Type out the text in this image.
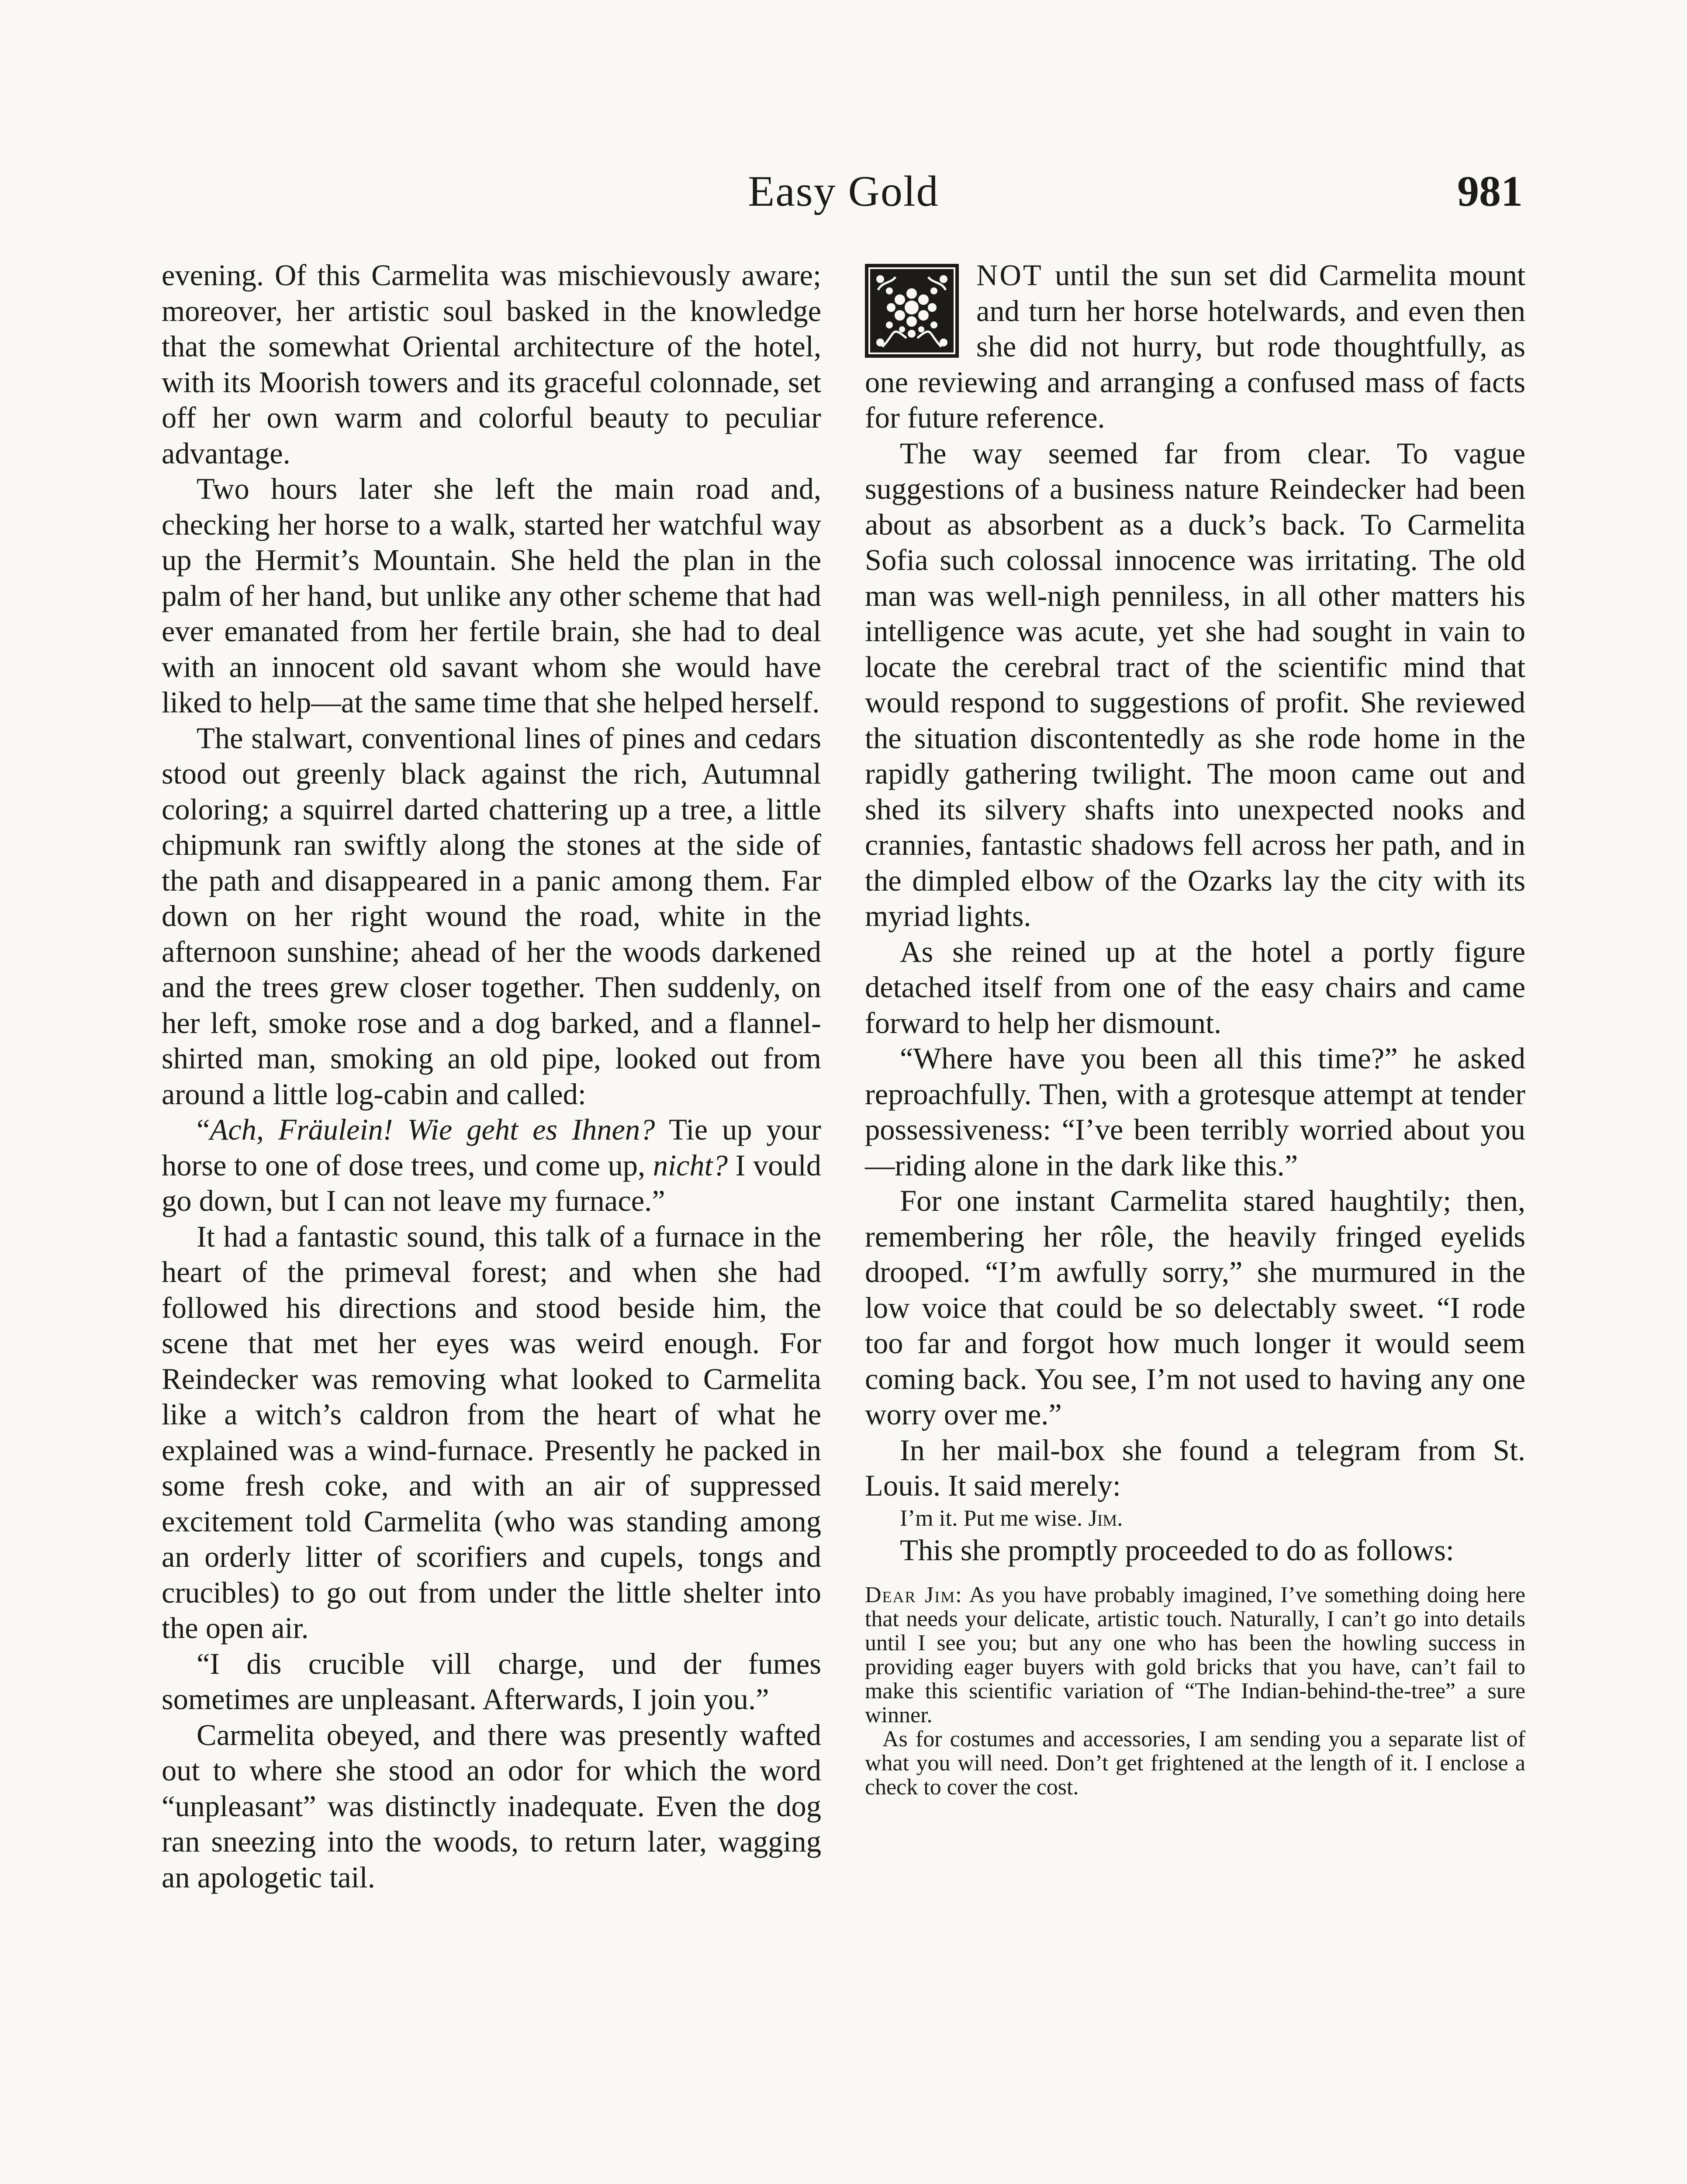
Easy Gold	981

evening. Of this Carmelita was mischievously aware; moreover, her artistic soul basked in the knowledge that the somewhat Oriental architecture of the hotel, with its Moorish towers and its graceful colonnade, set off her own warm and colorful beauty to peculiar advantage.

Two hours later she left the main road and, checking her horse to a walk, started her watchful way up the Hermit’s Mountain. She held the plan in the palm of her hand, but unlike any other scheme that had ever emanated from her fertile brain, she had to deal with an innocent old savant whom she would have liked to help—at the same time that she helped herself.

The stalwart, conventional lines of pines and cedars stood out greenly black against the rich, Autumnal coloring; a squirrel darted chattering up a tree, a little chipmunk ran swiftly along the stones at the side of the path and disappeared in a panic among them. Far down on her right wound the road, white in the afternoon sunshine; ahead of her the woods darkened and the trees grew closer together. Then suddenly, on her left, smoke rose and a dog barked, and a flannel-shirted man, smoking an old pipe, looked out from around a little log-cabin and called:

“Ach, Fräulein! Wie geht es Ihnen? Tie up your horse to one of dose trees, und come up, nicht? I vould go down, but I can not leave my furnace.”

It had a fantastic sound, this talk of a furnace in the heart of the primeval forest; and when she had followed his directions and stood beside him, the scene that met her eyes was weird enough. For Reindecker was removing what looked to Carmelita like a witch’s caldron from the heart of what he explained was a wind-furnace. Presently he packed in some fresh coke, and with an air of suppressed excitement told Carmelita (who was standing among an orderly litter of scorifiers and cupels, tongs and crucibles) to go out from under the little shelter into the open air.

“I dis crucible vill charge, und der fumes sometimes are unpleasant. Afterwards, I join you.”

Carmelita obeyed, and there was presently wafted out to where she stood an odor for which the word “unpleasant” was distinctly inadequate. Even the dog ran sneezing into the woods, to return later, wagging an apologetic tail.

NOT until the sun set did Carmelita mount and turn her horse hotelwards, and even then she did not hurry, but rode thoughtfully, as one reviewing and arranging a confused mass of facts for future reference.

The way seemed far from clear. To vague suggestions of a business nature Reindecker had been about as absorbent as a duck’s back. To Carmelita Sofia such colossal innocence was irritating. The old man was well-nigh penniless, in all other matters his intelligence was acute, yet she had sought in vain to locate the cerebral tract of the scientific mind that would respond to suggestions of profit. She reviewed the situation discontentedly as she rode home in the rapidly gathering twilight. The moon came out and shed its silvery shafts into unexpected nooks and crannies, fantastic shadows fell across her path, and in the dimpled elbow of the Ozarks lay the city with its myriad lights.

As she reined up at the hotel a portly figure detached itself from one of the easy chairs and came forward to help her dismount.

“Where have you been all this time?” he asked reproachfully. Then, with a grotesque attempt at tender possessiveness: “I’ve been terribly worried about you—riding alone in the dark like this.”

For one instant Carmelita stared haughtily; then, remembering her rôle, the heavily fringed eyelids drooped. “I’m awfully sorry,” she murmured in the low voice that could be so delectably sweet. “I rode too far and forgot how much longer it would seem coming back. You see, I’m not used to having any one worry over me.”

In her mail-box she found a telegram from St. Louis. It said merely:

I’m it. Put me wise. Jim.

This she promptly proceeded to do as follows:

Dear Jim: As you have probably imagined, I’ve something doing here that needs your delicate, artistic touch. Naturally, I can’t go into details until I see you; but any one who has been the howling success in providing eager buyers with gold bricks that you have, can’t fail to make this scientific variation of “The Indian-behind-the-tree” a sure winner.

As for costumes and accessories, I am sending you a separate list of what you will need. Don’t get frightened at the length of it. I enclose a check to cover the cost.
